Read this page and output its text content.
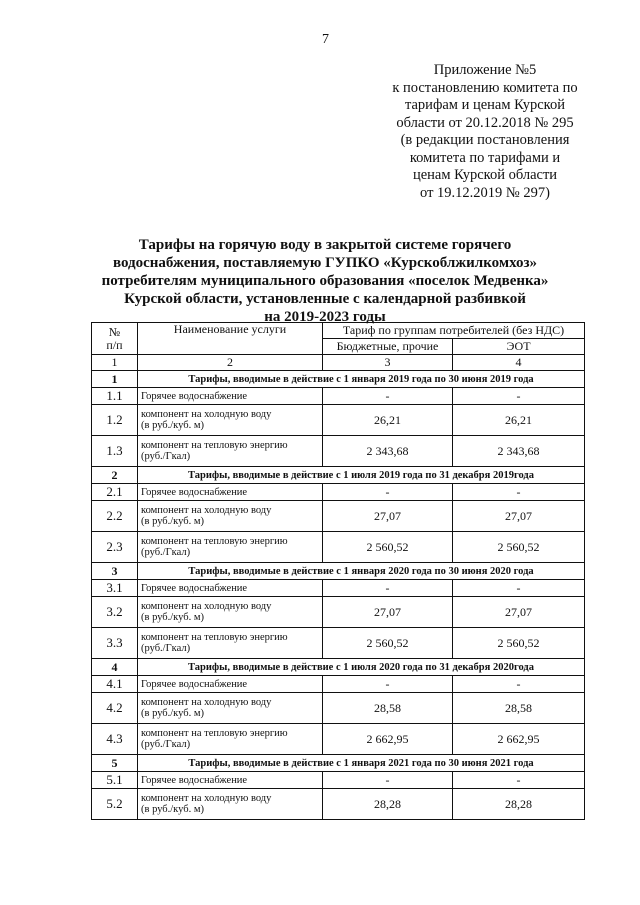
7
Приложение №5
к постановлению комитета по
тарифам и ценам Курской
области от 20.12.2018 № 295
(в редакции постановления
комитета по тарифами и
ценам Курской области
от 19.12.2019 № 297)
Тарифы на горячую воду в закрытой системе горячего
водоснабжения, поставляемую ГУПКО «Курскоблжилкомхоз»
потребителям муниципального образования «поселок Медвенка»
Курской области, установленные с календарной разбивкой
на 2019-2023 годы
№
п/п	Наименование услуги	Тариф по группам потребителей (без НДС)	
		Бюджетные, прочие	ЭОТ
1	2	3	4
1	Тарифы, вводимые в действие с 1 января 2019 года по 30 июня 2019 года		
1.1	Горячее водоснабжение	-	-
1.2	компонент на холодную воду
(в руб./куб. м)	26,21	26,21
1.3	компонент на тепловую энергию
(руб./Гкал)	2 343,68	2 343,68
2	Тарифы, вводимые в действие с 1 июля 2019 года по 31 декабря 2019года		
2.1	Горячее водоснабжение	-	-
2.2	компонент на холодную воду
(в руб./куб. м)	27,07	27,07
2.3	компонент на тепловую энергию
(руб./Гкал)	2 560,52	2 560,52
3	Тарифы, вводимые в действие с 1 января 2020 года по 30 июня 2020 года		
3.1	Горячее водоснабжение	-	-
3.2	компонент на холодную воду
(в руб./куб. м)	27,07	27,07
3.3	компонент на тепловую энергию
(руб./Гкал)	2 560,52	2 560,52
4	Тарифы, вводимые в действие с 1 июля 2020 года по 31 декабря 2020года		
4.1	Горячее водоснабжение	-	-
4.2	компонент на холодную воду
(в руб./куб. м)	28,58	28,58
4.3	компонент на тепловую энергию
(руб./Гкал)	2 662,95	2 662,95
5	Тарифы, вводимые в действие с 1 января 2021 года по 30 июня 2021 года		
5.1	Горячее водоснабжение	-	-
5.2	компонент на холодную воду
(в руб./куб. м)	28,28	28,28
